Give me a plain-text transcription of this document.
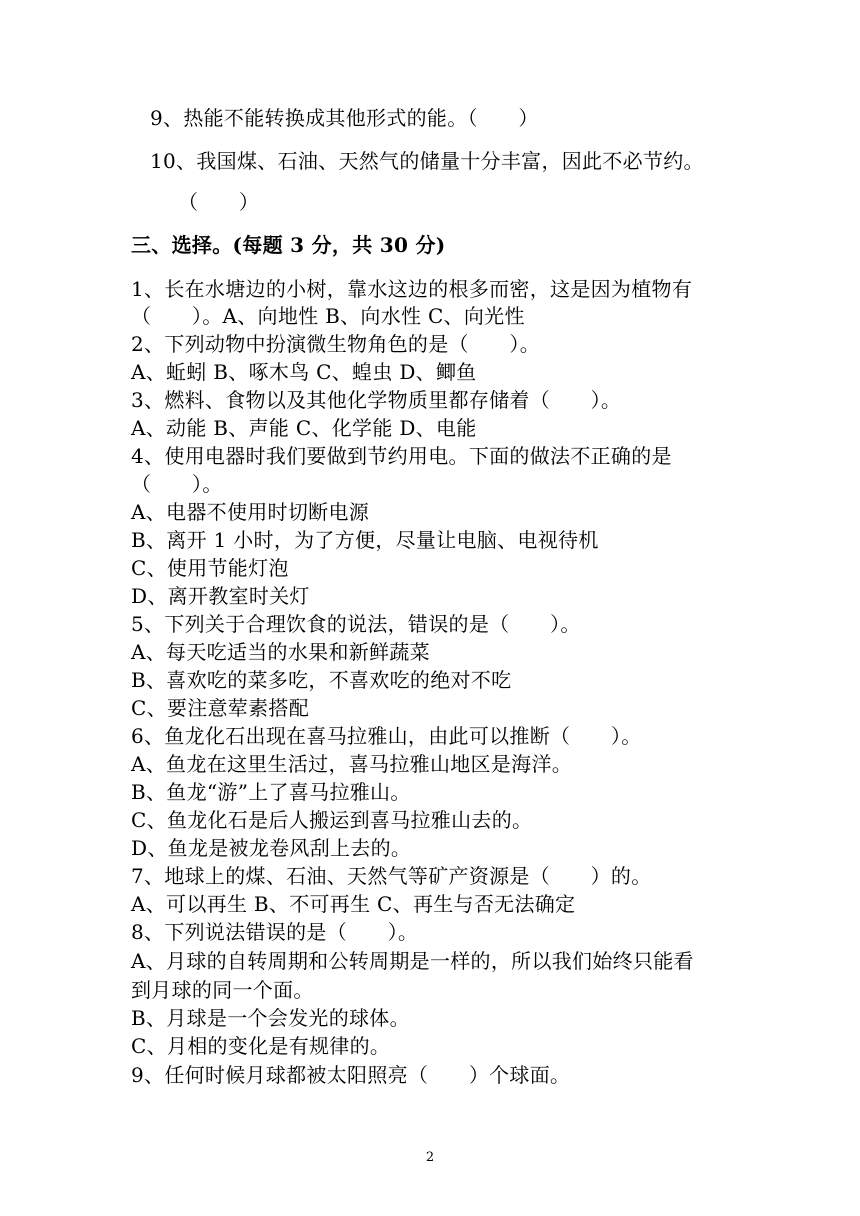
9、热能不能转换成其他形式的能。（　　）
10、我国煤、石油、天然气的储量十分丰富，因此不必节约。
（　　）
三、选择。(每题 3 分，共 30 分)
1、长在水塘边的小树，靠水这边的根多而密，这是因为植物有
（　　）。A、向地性 B、向水性 C、向光性
2、下列动物中扮演微生物角色的是（　　）。
A、蚯蚓 B、啄木鸟 C、蝗虫 D、鲫鱼
3、燃料、食物以及其他化学物质里都存储着（　　）。
A、动能 B、声能 C、化学能 D、电能
4、使用电器时我们要做到节约用电。下面的做法不正确的是
（　　）。
A、电器不使用时切断电源
B、离开 1 小时，为了方便，尽量让电脑、电视待机
C、使用节能灯泡
D、离开教室时关灯
5、下列关于合理饮食的说法，错误的是（　　）。
A、每天吃适当的水果和新鲜蔬菜
B、喜欢吃的菜多吃，不喜欢吃的绝对不吃
C、要注意荤素搭配
6、鱼龙化石出现在喜马拉雅山，由此可以推断（　　）。
A、鱼龙在这里生活过，喜马拉雅山地区是海洋。
B、鱼龙“游”上了喜马拉雅山。
C、鱼龙化石是后人搬运到喜马拉雅山去的。
D、鱼龙是被龙卷风刮上去的。
7、地球上的煤、石油、天然气等矿产资源是（　　）的。
A、可以再生 B、不可再生 C、再生与否无法确定
8、下列说法错误的是（　　）。
A、月球的自转周期和公转周期是一样的，所以我们始终只能看
到月球的同一个面。
B、月球是一个会发光的球体。
C、月相的变化是有规律的。
9、任何时候月球都被太阳照亮（　　）个球面。
2
